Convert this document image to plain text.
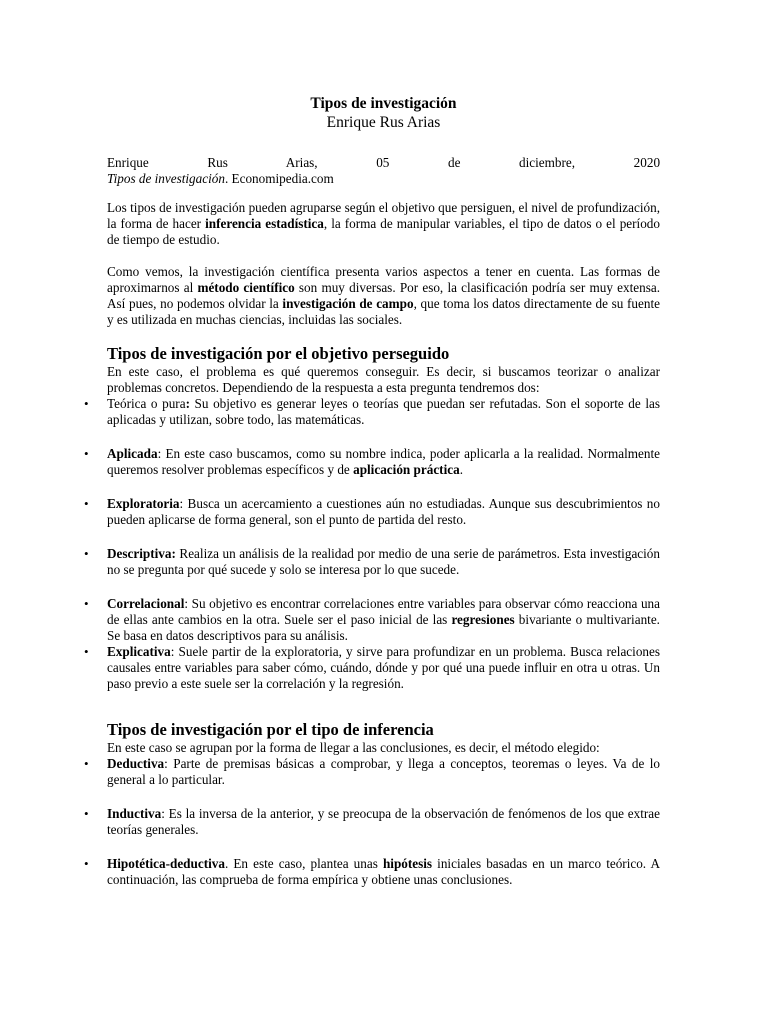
Tipos de investigación

Enrique Rus Arias

Enrique	Rus	Arias,	05	de	diciembre,	2020

Tipos de investigación. Economipedia.com

Los tipos de investigación pueden agruparse según el objetivo que persiguen, el nivel de profundización, la forma de hacer inferencia estadística, la forma de manipular variables, el tipo de datos o el período de tiempo de estudio.

Como vemos, la investigación científica presenta varios aspectos a tener en cuenta. Las formas de aproximarnos al método científico son muy diversas. Por eso, la clasificación podría ser muy extensa. Así pues, no podemos olvidar la investigación de campo, que toma los datos directamente de su fuente y es utilizada en muchas ciencias, incluidas las sociales.

Tipos de investigación por el objetivo perseguido

En este caso, el problema es qué queremos conseguir. Es decir, si buscamos teorizar o analizar problemas concretos. Dependiendo de la respuesta a esta pregunta tendremos dos:

• Teórica o pura: Su objetivo es generar leyes o teorías que puedan ser refutadas. Son el soporte de las aplicadas y utilizan, sobre todo, las matemáticas.
• Aplicada: En este caso buscamos, como su nombre indica, poder aplicarla a la realidad. Normalmente queremos resolver problemas específicos y de aplicación práctica.
• Exploratoria: Busca un acercamiento a cuestiones aún no estudiadas. Aunque sus descubrimientos no pueden aplicarse de forma general, son el punto de partida del resto.
• Descriptiva: Realiza un análisis de la realidad por medio de una serie de parámetros. Esta investigación no se pregunta por qué sucede y solo se interesa por lo que sucede.
• Correlacional: Su objetivo es encontrar correlaciones entre variables para observar cómo reacciona una de ellas ante cambios en la otra. Suele ser el paso inicial de las regresiones bivariante o multivariante. Se basa en datos descriptivos para su análisis.
• Explicativa: Suele partir de la exploratoria, y sirve para profundizar en un problema. Busca relaciones causales entre variables para saber cómo, cuándo, dónde y por qué una puede influir en otra u otras. Un paso previo a este suele ser la correlación y la regresión.
Tipos de investigación por el tipo de inferencia

En este caso se agrupan por la forma de llegar a las conclusiones, es decir, el método elegido:

• Deductiva: Parte de premisas básicas a comprobar, y llega a conceptos, teoremas o leyes. Va de lo general a lo particular.
• Inductiva: Es la inversa de la anterior, y se preocupa de la observación de fenómenos de los que extrae teorías generales.
• Hipotética-deductiva. En este caso, plantea unas hipótesis iniciales basadas en un marco teórico. A continuación, las comprueba de forma empírica y obtiene unas conclusiones.
